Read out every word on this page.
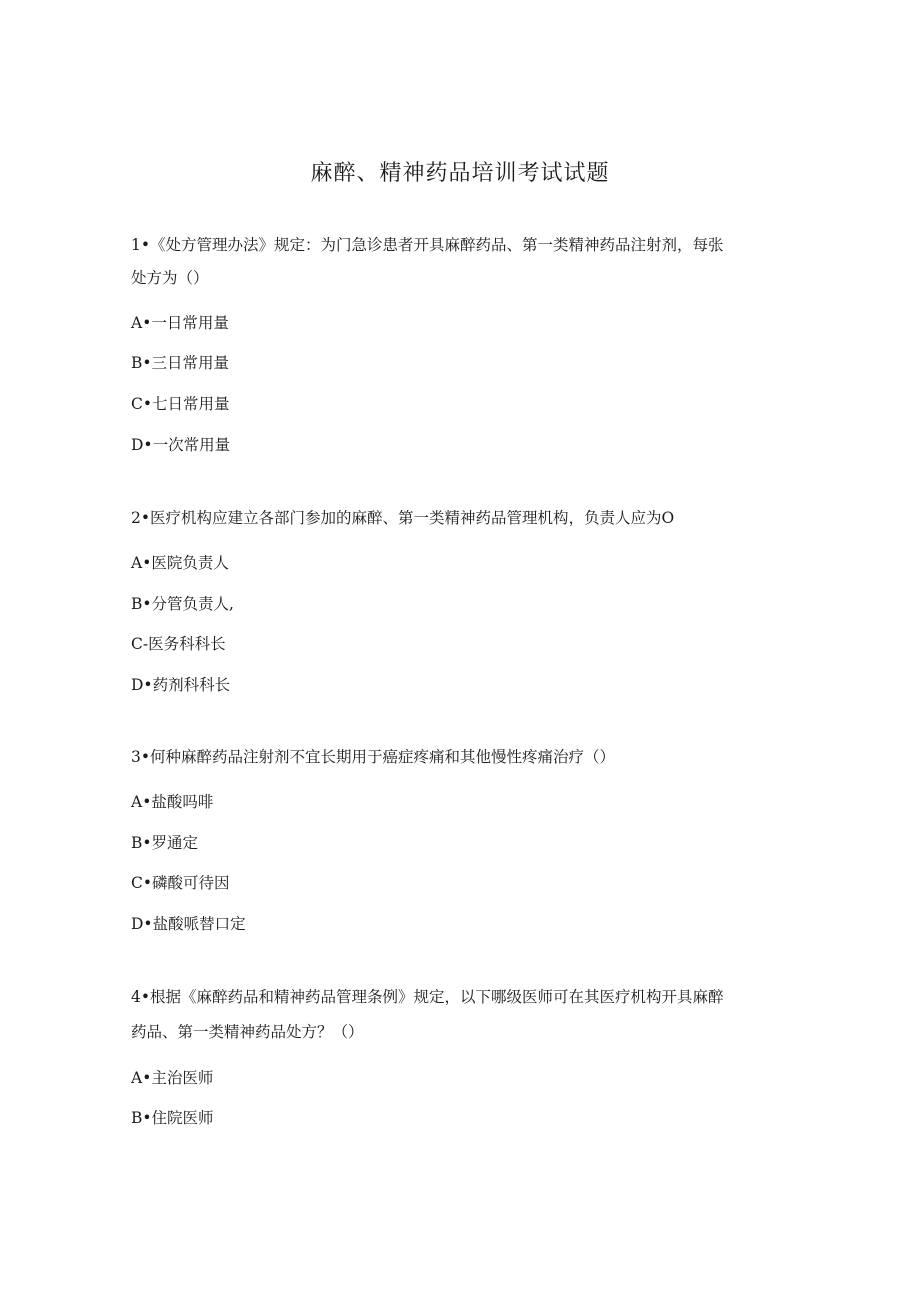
麻醉、精神药品培训考试试题

1•《处方管理办法》规定：为门急诊患者开具麻醉药品、第一类精神药品注射剂，每张

处方为（）

A•一日常用量

B•三日常用量

C•七日常用量

D•一次常用量

2•医疗机构应建立各部门参加的麻醉、第一类精神药品管理机构，负责人应为O

A•医院负责人

B•分管负责人,

C-医务科科长

D•药剂科科长

3•何种麻醉药品注射剂不宜长期用于癌症疼痛和其他慢性疼痛治疗（）

A•盐酸吗啡

B•罗通定

C•磷酸可待因

D•盐酸哌替口定

4•根据《麻醉药品和精神药品管理条例》规定，以下哪级医师可在其医疗机构开具麻醉

药品、第一类精神药品处方？（）

A•主治医师

B•住院医师
